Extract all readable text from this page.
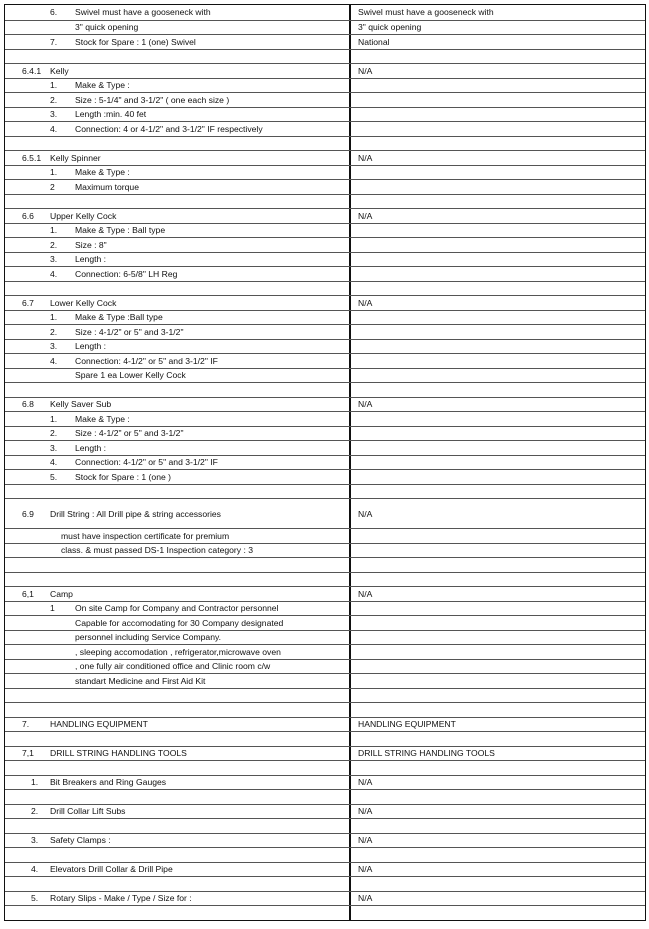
6. Swivel must have a gooseneck with	Swivel must have a gooseneck with
3" quick opening	3" quick opening
7. Stock for Spare : 1 (one) Swivel	National
6.4.1 Kelly	N/A
1. Make & Type :
2. Size : 5-1/4" and 3-1/2" ( one each size )
3. Length :min. 40 fet
4. Connection: 4 or 4-1/2" and 3-1/2" IF respectively
6.5.1 Kelly Spinner	N/A
1. Make & Type :
2 Maximum torque
6.6 Upper Kelly Cock	N/A
1. Make & Type : Ball type
2. Size : 8"
3. Length :
4. Connection: 6-5/8" LH Reg
6.7 Lower Kelly Cock	N/A
1. Make & Type :Ball type
2. Size : 4-1/2" or 5" and 3-1/2"
3. Length :
4. Connection: 4-1/2" or 5" and 3-1/2" IF
Spare 1 ea Lower Kelly Cock
6.8 Kelly Saver Sub	N/A
1. Make & Type :
2. Size : 4-1/2" or 5" and 3-1/2"
3. Length :
4. Connection: 4-1/2" or 5" and 3-1/2" IF
5. Stock for Spare : 1 (one )
6.9 Drill String : All Drill pipe & string accessories	N/A
must have inspection certificate for premium
class. & must passed DS-1 Inspection category : 3
6,1 Camp	N/A
1 On site Camp for Company and Contractor personnel
Capable for accomodating for 30 Company designated
personnel including Service Company.
, sleeping accomodation , refrigerator,microwave oven
, one fully air conditioned office and Clinic room c/w
standart Medicine and First Aid Kit
7. HANDLING EQUIPMENT	HANDLING EQUIPMENT
7,1 DRILL STRING HANDLING TOOLS	DRILL STRING HANDLING TOOLS
1. Bit Breakers and Ring Gauges	N/A
2. Drill Collar Lift Subs	N/A
3. Safety Clamps :	N/A
4. Elevators Drill Collar & Drill Pipe	N/A
5. Rotary Slips - Make / Type / Size for :	N/A
